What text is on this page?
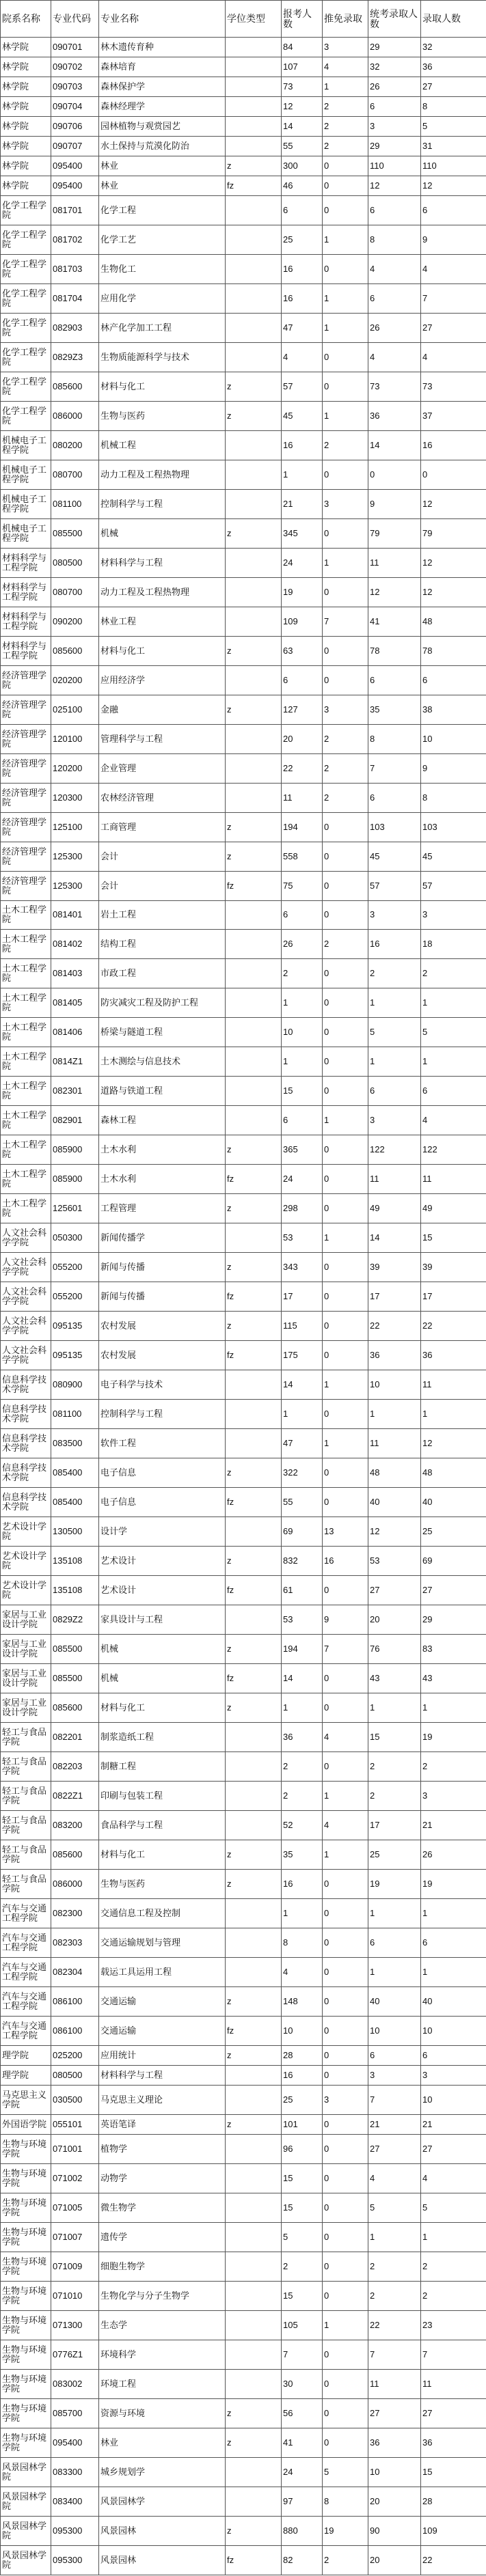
院系名称	专业代码	专业名称	学位类型	报考人数	推免录取	统考录取人数	录取人数
林学院	090701	林木遗传育种		84	3	29	32
林学院	090702	森林培育		107	4	32	36
林学院	090703	森林保护学		73	1	26	27
林学院	090704	森林经理学		12	2	6	8
林学院	090706	园林植物与观赏园艺		14	2	3	5
林学院	090707	水土保持与荒漠化防治		55	2	29	31
林学院	095400	林业	z	300	0	110	110
林学院	095400	林业	fz	46	0	12	12
化学工程学院	081701	化学工程		6	0	6	6
化学工程学院	081702	化学工艺		25	1	8	9
化学工程学院	081703	生物化工		16	0	4	4
化学工程学院	081704	应用化学		16	1	6	7
化学工程学院	082903	林产化学加工工程		47	1	26	27
化学工程学院	0829Z3	生物质能源科学与技术		4	0	4	4
化学工程学院	085600	材料与化工	z	57	0	73	73
化学工程学院	086000	生物与医药	z	45	1	36	37
机械电子工程学院	080200	机械工程		16	2	14	16
机械电子工程学院	080700	动力工程及工程热物理		1	0	0	0
机械电子工程学院	081100	控制科学与工程		21	3	9	12
机械电子工程学院	085500	机械	z	345	0	79	79
材料科学与工程学院	080500	材料科学与工程		24	1	11	12
材料科学与工程学院	080700	动力工程及工程热物理		19	0	12	12
材料科学与工程学院	090200	林业工程		109	7	41	48
材料科学与工程学院	085600	材料与化工	z	63	0	78	78
经济管理学院	020200	应用经济学		6	0	6	6
经济管理学院	025100	金融	z	127	3	35	38
经济管理学院	120100	管理科学与工程		20	2	8	10
经济管理学院	120200	企业管理		22	2	7	9
经济管理学院	120300	农林经济管理		11	2	6	8
经济管理学院	125100	工商管理	z	194	0	103	103
经济管理学院	125300	会计	z	558	0	45	45
经济管理学院	125300	会计	fz	75	0	57	57
土木工程学院	081401	岩土工程		6	0	3	3
土木工程学院	081402	结构工程		26	2	16	18
土木工程学院	081403	市政工程		2	0	2	2
土木工程学院	081405	防灾减灾工程及防护工程		1	0	1	1
土木工程学院	081406	桥梁与隧道工程		10	0	5	5
土木工程学院	0814Z1	土木测绘与信息技术		1	0	1	1
土木工程学院	082301	道路与铁道工程		15	0	6	6
土木工程学院	082901	森林工程		6	1	3	4
土木工程学院	085900	土木水利	z	365	0	122	122
土木工程学院	085900	土木水利	fz	24	0	11	11
土木工程学院	125601	工程管理	z	298	0	49	49
人文社会科学学院	050300	新闻传播学		53	1	14	15
人文社会科学学院	055200	新闻与传播	z	343	0	39	39
人文社会科学学院	055200	新闻与传播	fz	17	0	17	17
人文社会科学学院	095135	农村发展	z	115	0	22	22
人文社会科学学院	095135	农村发展	fz	175	0	36	36
信息科学技术学院	080900	电子科学与技术		14	1	10	11
信息科学技术学院	081100	控制科学与工程		1	0	1	1
信息科学技术学院	083500	软件工程		47	1	11	12
信息科学技术学院	085400	电子信息	z	322	0	48	48
信息科学技术学院	085400	电子信息	fz	55	0	40	40
艺术设计学院	130500	设计学		69	13	12	25
艺术设计学院	135108	艺术设计	z	832	16	53	69
艺术设计学院	135108	艺术设计	fz	61	0	27	27
家居与工业设计学院	0829Z2	家具设计与工程		53	9	20	29
家居与工业设计学院	085500	机械	z	194	7	76	83
家居与工业设计学院	085500	机械	fz	14	0	43	43
家居与工业设计学院	085600	材料与化工	z	1	0	1	1
轻工与食品学院	082201	制浆造纸工程		36	4	15	19
轻工与食品学院	082203	制糖工程		2	0	2	2
轻工与食品学院	0822Z1	印刷与包装工程		2	1	2	3
轻工与食品学院	083200	食品科学与工程		52	4	17	21
轻工与食品学院	085600	材料与化工	z	35	1	25	26
轻工与食品学院	086000	生物与医药	z	16	0	19	19
汽车与交通工程学院	082300	交通信息工程及控制		1	0	1	1
汽车与交通工程学院	082303	交通运输规划与管理		8	0	6	6
汽车与交通工程学院	082304	载运工具运用工程		4	0	1	1
汽车与交通工程学院	086100	交通运输	z	148	0	40	40
汽车与交通工程学院	086100	交通运输	fz	10	0	10	10
理学院	025200	应用统计	z	28	0	6	6
理学院	080500	材料科学与工程		16	0	3	3
马克思主义学院	030500	马克思主义理论		25	3	7	10
外国语学院	055101	英语笔译	z	101	0	21	21
生物与环境学院	071001	植物学		96	0	27	27
生物与环境学院	071002	动物学		15	0	4	4
生物与环境学院	071005	微生物学		15	0	5	5
生物与环境学院	071007	遗传学		5	0	1	1
生物与环境学院	071009	细胞生物学		2	0	2	2
生物与环境学院	071010	生物化学与分子生物学		15	0	2	2
生物与环境学院	071300	生态学		105	1	22	23
生物与环境学院	0776Z1	环境科学		7	0	7	7
生物与环境学院	083002	环境工程		30	0	11	11
生物与环境学院	085700	资源与环境	z	56	0	27	27
生物与环境学院	095400	林业	z	41	0	36	36
风景园林学院	083300	城乡规划学		24	5	10	15
风景园林学院	083400	风景园林学		97	8	20	28
风景园林学院	095300	风景园林	z	880	19	90	109
风景园林学院	095300	风景园林	fz	82	2	20	22
